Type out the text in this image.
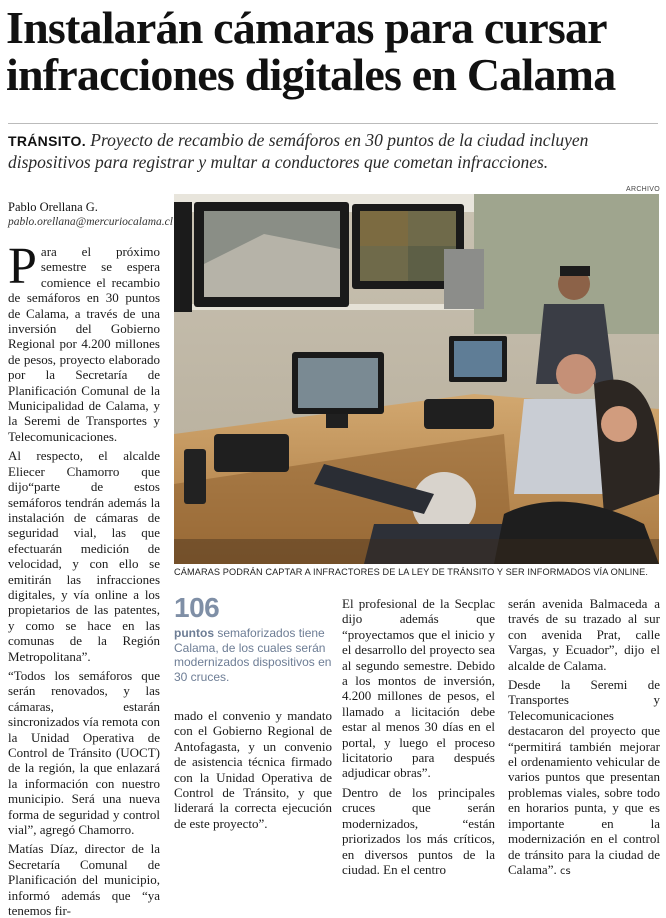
Instalarán cámaras para cursar infracciones digitales en Calama
TRÁNSITO. Proyecto de recambio de semáforos en 30 puntos de la ciudad incluyen dispositivos para registrar y multar a conductores que cometan infracciones.
Pablo Orellana G.
pablo.orellana@mercuriocalama.cl
ARCHIVO
CÁMARAS PODRÁN CAPTAR A INFRACTORES DE LA LEY DE TRÁNSITO Y SER INFORMADOS VÍA ONLINE.

Para el próximo semestre se espera comience el recambio de semáforos en 30 puntos de Calama, a través de una inversión del Gobierno Regional por 4.200 millones de pesos, proyecto elaborado por la Secretaría de Planificación Comunal de la Municipalidad de Calama, y la Seremi de Transportes y Telecomunicaciones.

Al respecto, el alcalde Eliecer Chamorro que dijo“parte de estos semáforos tendrán además la instalación de cámaras de seguridad vial, las que efectuarán medición de velocidad, y con ello se emitirán las infracciones digitales, y vía online a los propietarios de las patentes, y como se hace en las comunas de la Región Metropolitana”.

“Todos los semáforos que serán renovados, y las cámaras, estarán sincronizados vía remota con la Unidad Operativa de Control de Tránsito (UOCT) de la región, la que enlazará la información con nuestro municipio. Será una nueva forma de seguridad y control vial”, agregó Chamorro.

Matías Díaz, director de la Secretaría Comunal de Planificación del municipio, informó además que “ya tenemos fir-

106
puntos semaforizados tiene Calama, de los cuales serán modernizados dispositivos en 30 cruces.

mado el convenio y mandato con el Gobierno Regional de Antofagasta, y un convenio de asistencia técnica firmado con la Unidad Operativa de Control de Tránsito, y que liderará la correcta ejecución de este proyecto”.

El profesional de la Secplac dijo además que “proyectamos que el inicio y el desarrollo del proyecto sea al segundo semestre. Debido a los montos de inversión, 4.200 millones de pesos, el llamado a licitación debe estar al menos 30 días en el portal, y luego el proceso licitatorio para después adjudicar obras”.

Dentro de los principales cruces que serán modernizados, “están priorizados los más críticos, en diversos puntos de la ciudad. En el centro

serán avenida Balmaceda a través de su trazado al sur con avenida Prat, calle Vargas, y Ecuador”, dijo el alcalde de Calama.

Desde la Seremi de Transportes y Telecomunicaciones destacaron del proyecto que “permitirá también mejorar el ordenamiento vehicular de varios puntos que presentan problemas viales, sobre todo en horarios punta, y que es importante en la modernización en el control de tránsito para la ciudad de Calama”. cs
